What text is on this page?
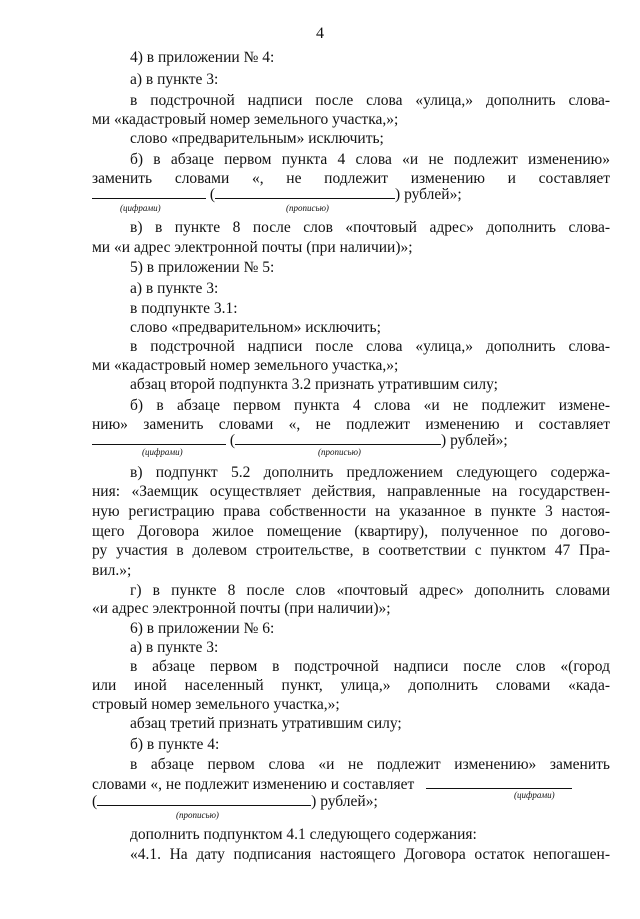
4
4) в приложении № 4:
а) в пункте 3:
в подстрочной надписи после слова «улица,» дополнить слова-
ми «кадастровый номер земельного участка,»;
слово «предварительным» исключить;
б) в абзаце первом пункта 4 слова «и не подлежит изменению»
заменить словами «, не подлежит изменению и составляет
(	) рублей»;
(цифрами)	(прописью)
в) в пункте 8 после слов «почтовый адрес» дополнить слова-
ми «и адрес электронной почты (при наличии)»;
5) в приложении № 5:
а) в пункте 3:
в подпункте 3.1:
слово «предварительном» исключить;
в подстрочной надписи после слова «улица,» дополнить слова-
ми «кадастровый номер земельного участка,»;
абзац второй подпункта 3.2 признать утратившим силу;
б) в абзаце первом пункта 4 слова «и не подлежит измене-
нию» заменить словами «, не подлежит изменению и составляет
(	) рублей»;
(цифрами)	(прописью)
в) подпункт 5.2 дополнить предложением следующего содержа-
ния: «Заемщик осуществляет действия, направленные на государствен-
ную регистрацию права собственности на указанное в пункте 3 настоя-
щего Договора жилое помещение (квартиру), полученное по догово-
ру участия в долевом строительстве, в соответствии с пунктом 47 Пра-
вил.»;
г) в пункте 8 после слов «почтовый адрес» дополнить словами
«и адрес электронной почты (при наличии)»;
6) в приложении № 6:
а) в пункте 3:
в абзаце первом в подстрочной надписи после слов «(город
или иной населенный пункт, улица,» дополнить словами «када-
стровый номер земельного участка,»;
абзац третий признать утратившим силу;
б) в пункте 4:
в абзаце первом слова «и не подлежит изменению» заменить
словами «, не подлежит изменению и составляет
(цифрами)
(	) рублей»;
(прописью)
дополнить подпунктом 4.1 следующего содержания:
«4.1. На дату подписания настоящего Договора остаток непогашен-
